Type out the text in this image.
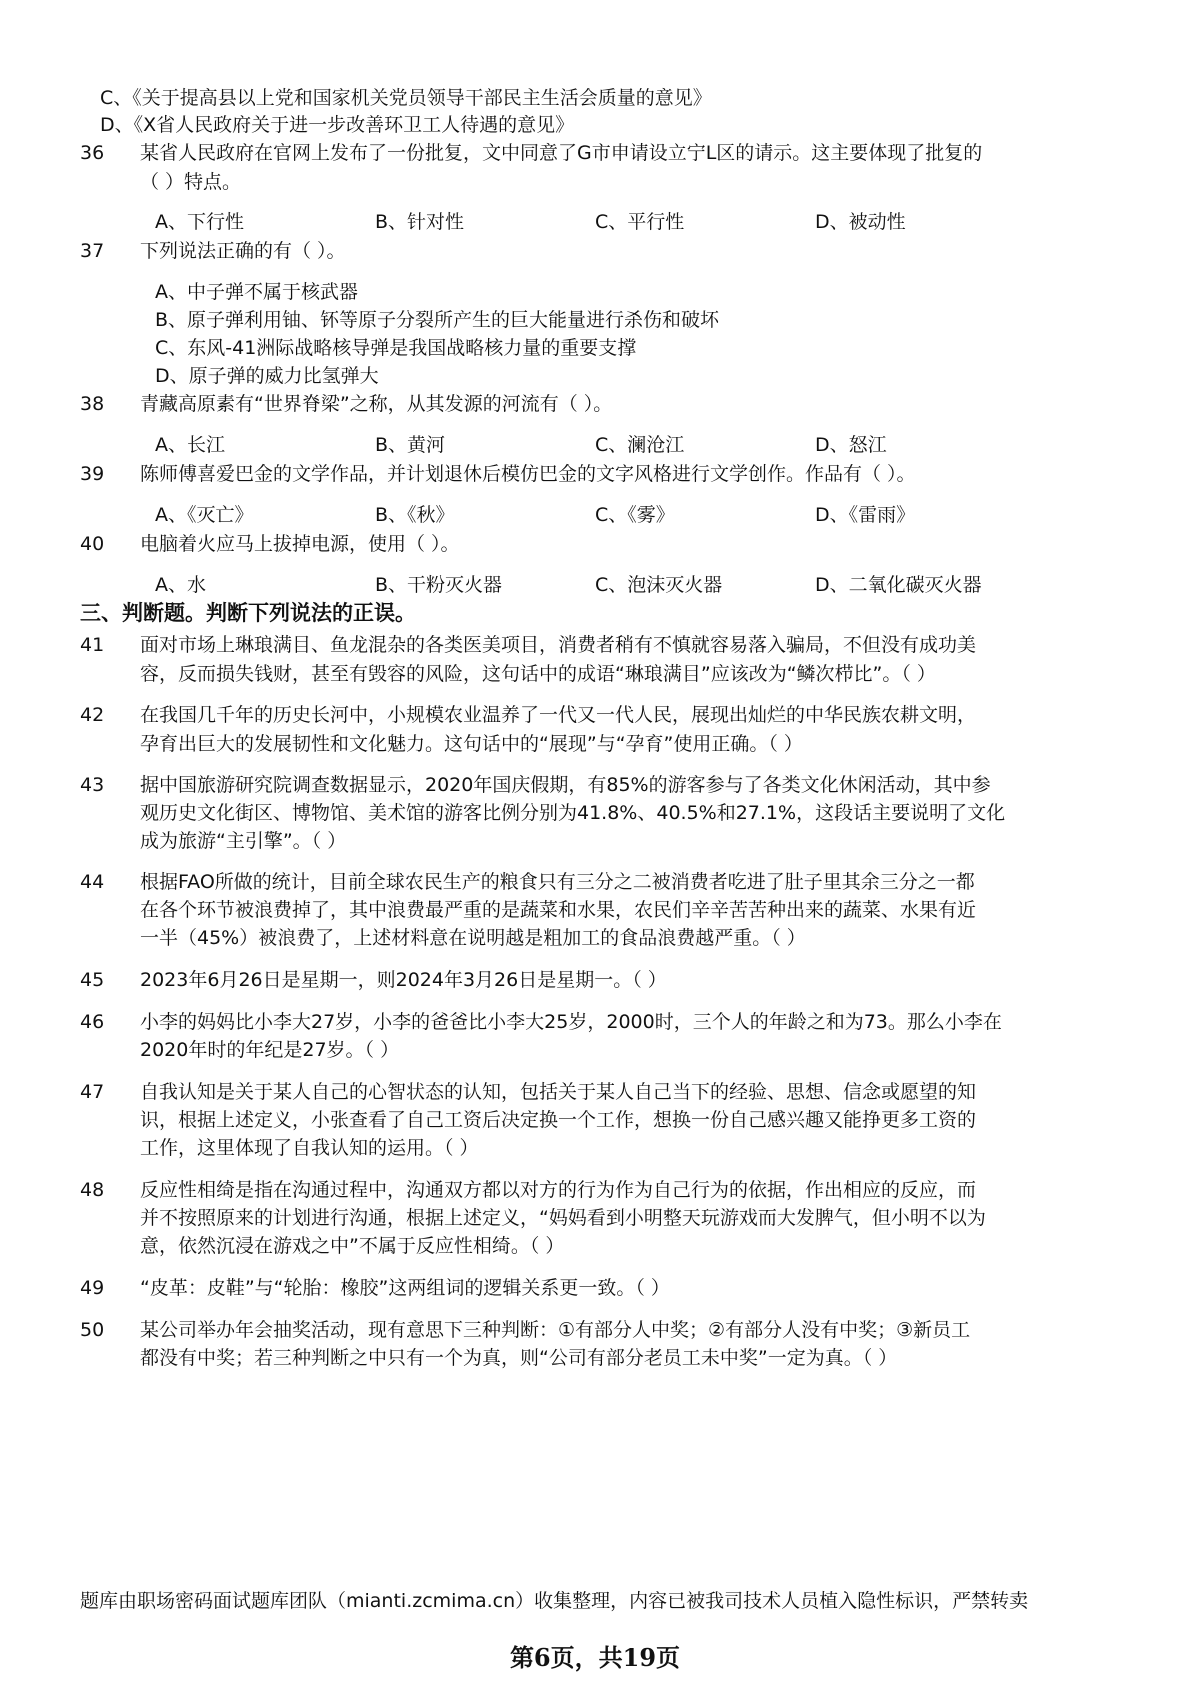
C、《关于提高县以上党和国家机关党员领导干部民主生活会质量的意见》
D、《X省人民政府关于进一步改善环卫工人待遇的意见》
36 某省人民政府在官网上发布了一份批复，文中同意了G市申请设立宁L区的请示。这主要体现了批复的
（ ）特点。
A、下行性	B、针对性	C、平行性	D、被动性
37 下列说法正确的有（ ）。
A、中子弹不属于核武器
B、原子弹利用铀、钚等原子分裂所产生的巨大能量进行杀伤和破坏
C、东风-41洲际战略核导弹是我国战略核力量的重要支撑
D、原子弹的威力比氢弹大
38 青藏高原素有“世界脊梁”之称，从其发源的河流有（ ）。
A、长江	B、黄河	C、澜沧江	D、怒江
39 陈师傅喜爱巴金的文学作品，并计划退休后模仿巴金的文字风格进行文学创作。作品有（ ）。
A、《灭亡》	B、《秋》	C、《雾》	D、《雷雨》
40 电脑着火应马上拔掉电源，使用（ ）。
A、水	B、干粉灭火器	C、泡沫灭火器	D、二氧化碳灭火器
三、判断题。判断下列说法的正误。
41 面对市场上琳琅满目、鱼龙混杂的各类医美项目，消费者稍有不慎就容易落入骗局，不但没有成功美
容，反而损失钱财，甚至有毁容的风险，这句话中的成语“琳琅满目”应该改为“鳞次栉比”。（ ）
42 在我国几千年的历史长河中，小规模农业温养了一代又一代人民，展现出灿烂的中华民族农耕文明，
孕育出巨大的发展韧性和文化魅力。这句话中的“展现”与“孕育”使用正确。（ ）
43 据中国旅游研究院调查数据显示，2020年国庆假期，有85%的游客参与了各类文化休闲活动，其中参
观历史文化街区、博物馆、美术馆的游客比例分别为41.8%、40.5%和27.1%，这段话主要说明了文化
成为旅游“主引擎”。（ ）
44 根据FAO所做的统计，目前全球农民生产的粮食只有三分之二被消费者吃进了肚子里其余三分之一都
在各个环节被浪费掉了，其中浪费最严重的是蔬菜和水果，农民们辛辛苦苦种出来的蔬菜、水果有近
一半（45%）被浪费了，上述材料意在说明越是粗加工的食品浪费越严重。（ ）
45 2023年6月26日是星期一，则2024年3月26日是星期一。（ ）
46 小李的妈妈比小李大27岁，小李的爸爸比小李大25岁，2000时，三个人的年龄之和为73。那么小李在
2020年时的年纪是27岁。（ ）
47 自我认知是关于某人自己的心智状态的认知，包括关于某人自己当下的经验、思想、信念或愿望的知
识，根据上述定义，小张查看了自己工资后决定换一个工作，想换一份自己感兴趣又能挣更多工资的
工作，这里体现了自我认知的运用。（ ）
48 反应性相绮是指在沟通过程中，沟通双方都以对方的行为作为自己行为的依据，作出相应的反应，而
并不按照原来的计划进行沟通，根据上述定义，“妈妈看到小明整天玩游戏而大发脾气，但小明不以为
意，依然沉浸在游戏之中”不属于反应性相绮。（ ）
49 “皮革：皮鞋”与“轮胎：橡胶”这两组词的逻辑关系更一致。（ ）
50 某公司举办年会抽奖活动，现有意思下三种判断：①有部分人中奖；②有部分人没有中奖；③新员工
都没有中奖；若三种判断之中只有一个为真，则“公司有部分老员工未中奖”一定为真。（ ）
题库由职场密码面试题库团队（mianti.zcmima.cn）收集整理，内容已被我司技术人员植入隐性标识，严禁转卖
第6页，共19页
